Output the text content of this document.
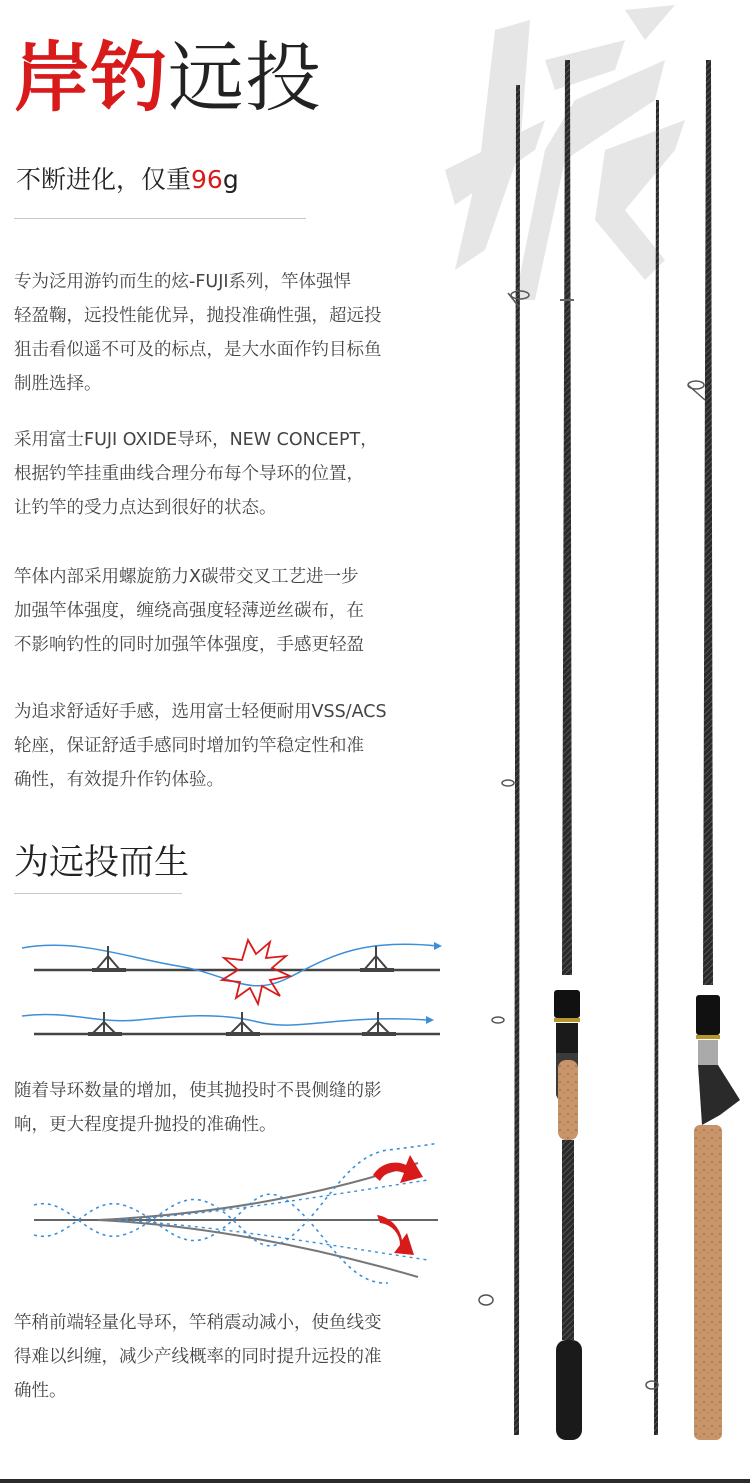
岸钓远投
不断进化，仅重96g
专为泛用游钓而生的炫-FUJI系列，竿体强悍
轻盈鞠，远投性能优异，抛投准确性强，超远投
狙击看似遥不可及的标点，是大水面作钓目标鱼
制胜选择。
采用富士FUJI OXIDE导环，NEW CONCEPT，
根据钓竿挂重曲线合理分布每个导环的位置，
让钓竿的受力点达到很好的状态。
竿体内部采用螺旋筋力X碳带交叉工艺进一步
加强竿体强度，缠绕高强度轻薄逆丝碳布，在
不影响钓性的同时加强竿体强度，手感更轻盈
为追求舒适好手感，选用富士轻便耐用VSS/ACS
轮座，保证舒适手感同时增加钓竿稳定性和准
确性，有效提升作钓体验。
为远投而生
随着导环数量的增加，使其抛投时不畏侧缝的影
响，更大程度提升抛投的准确性。
竿稍前端轻量化导环，竿稍震动减小，使鱼线变
得难以纠缠，减少产线概率的同时提升远投的准
确性。
